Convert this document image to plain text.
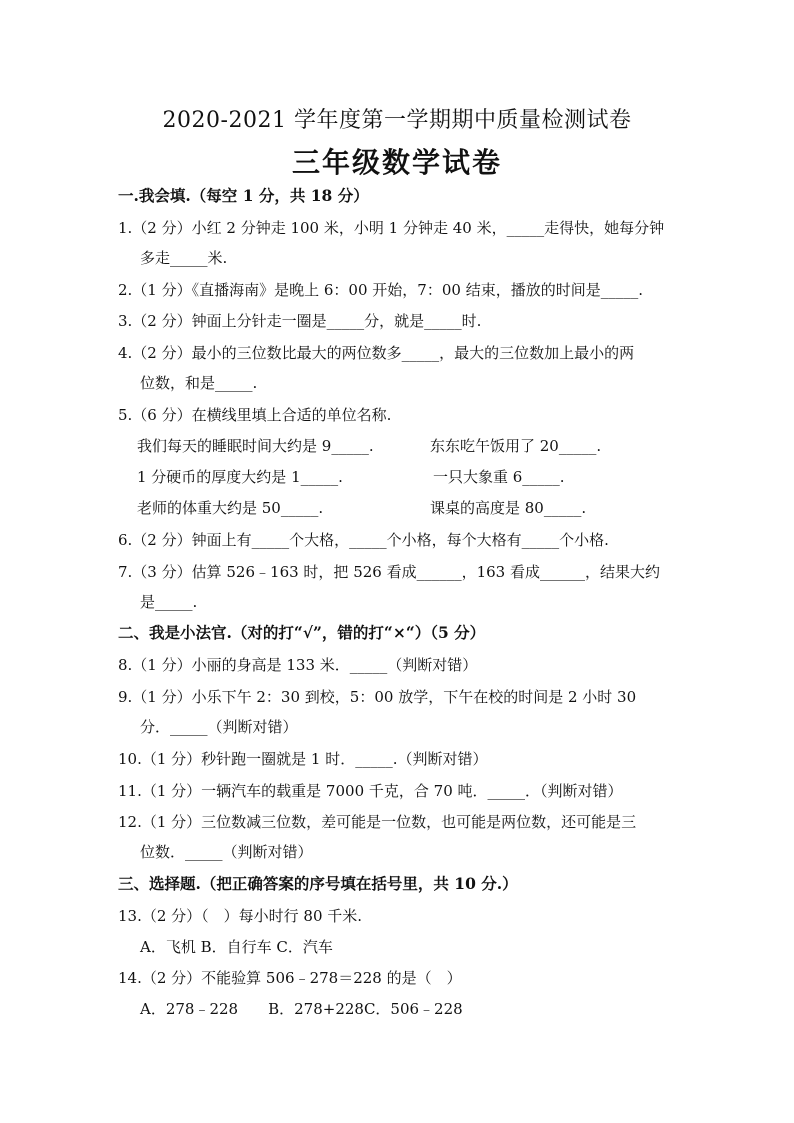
2020-2021 学年度第一学期期中质量检测试卷
三年级数学试卷
一.我会填.（每空 1 分，共 18 分）
1.（2 分）小红 2 分钟走 100 米，小明 1 分钟走 40 米，_____走得快，她每分钟
多走_____米.
2.（1 分）《直播海南》是晚上 6：00 开始，7：00 结束，播放的时间是_____.
3.（2 分）钟面上分针走一圈是_____分，就是_____时.
4.（2 分）最小的三位数比最大的两位数多_____，最大的三位数加上最小的两
位数，和是_____.
5.（6 分）在横线里填上合适的单位名称.
我们每天的睡眠时间大约是 9_____.	东东吃午饭用了 20_____.
1 分硬币的厚度大约是 1_____.	一只大象重 6_____.
老师的体重大约是 50_____.	课桌的高度是 80_____.
6.（2 分）钟面上有_____个大格，_____个小格，每个大格有_____个小格.
7.（3 分）估算 526﹣163 时，把 526 看成______，163 看成______，结果大约
是_____.
二、我是小法官.（对的打“√”，错的打“×“）（5 分）
8.（1 分）小丽的身高是 133 米．_____（判断对错）
9.（1 分）小乐下午 2：30 到校，5：00 放学，下午在校的时间是 2 小时 30
分．_____（判断对错）
10.（1 分）秒针跑一圈就是 1 时．_____.（判断对错）
11.（1 分）一辆汽车的载重是 7000 千克，合 70 吨．_____．（判断对错）
12.（1 分）三位数减三位数，差可能是一位数，也可能是两位数，还可能是三
位数．_____（判断对错）
三、选择题.（把正确答案的序号填在括号里，共 10 分.）
13.（2 分）（　）每小时行 80 千米.
A．飞机 B．自行车 C．汽车
14.（2 分）不能验算 506﹣278＝228 的是（　）
A．278﹣228　　B．278+228C．506﹣228
